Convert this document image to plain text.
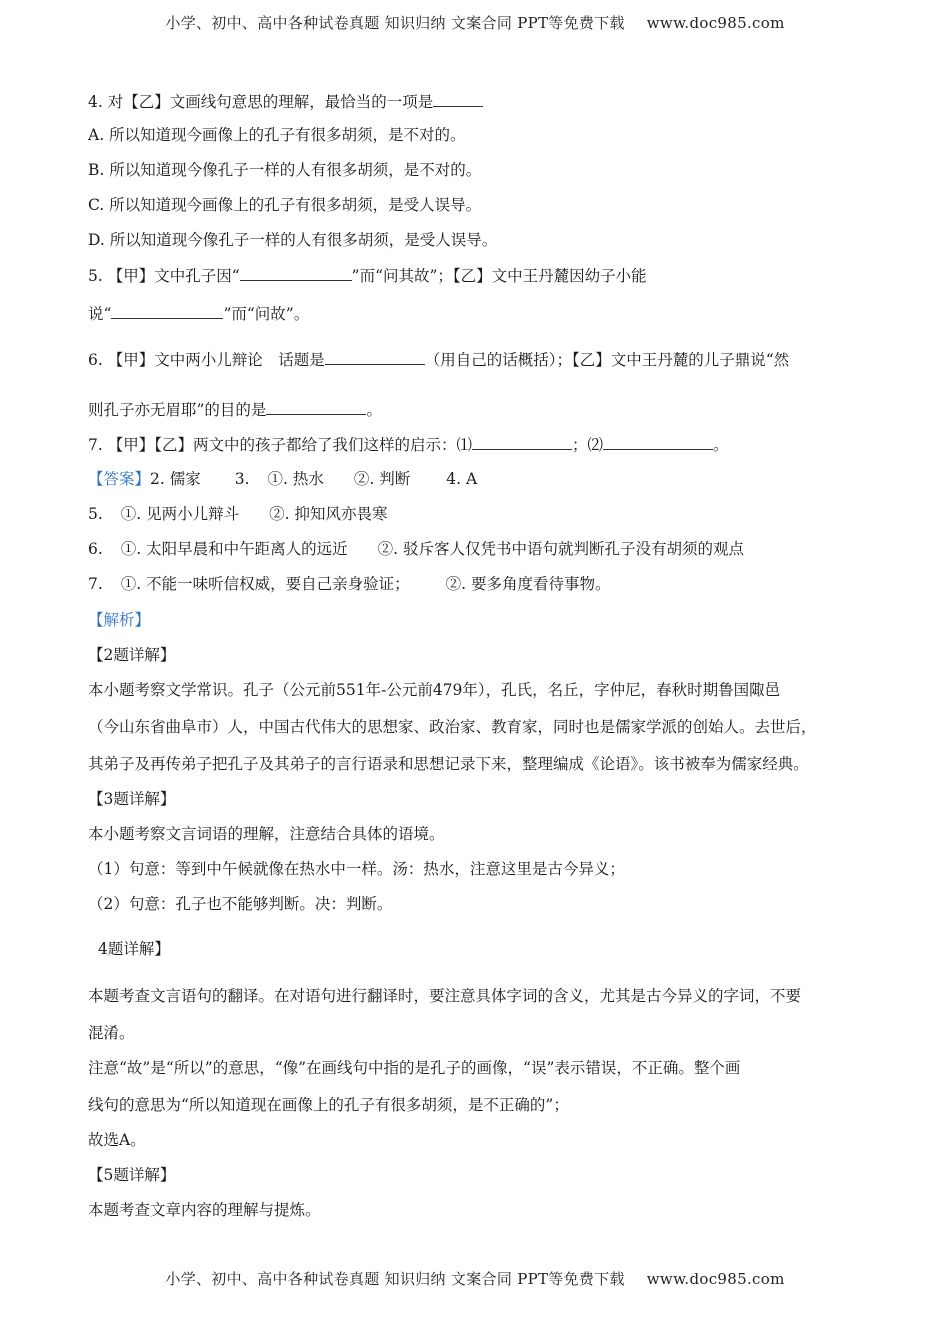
小学、初中、高中各种试卷真题 知识归纳 文案合同 PPT等免费下载 www.doc985.com
4. 对【乙】文画线句意思的理解，最恰当的一项是
A. 所以知道现今画像上的孔子有很多胡须，是不对的。
B. 所以知道现今像孔子一样的人有很多胡须，是不对的。
C. 所以知道现今画像上的孔子有很多胡须，是受人误导。
D. 所以知道现今像孔子一样的人有很多胡须，是受人误导。
5. 【甲】文中孔子因“	”而“问其故”；【乙】文中王丹麓因幼子小能
说“	”而“问故”。
6. 【甲】文中两小儿辩论　话题是	（用自己的话概括）；【乙】文中王丹麓的儿子鼎说“然
则孔子亦无眉耶”的目的是	。
7. 【甲】【乙】两文中的孩子都给了我们这样的启示：⑴	；⑵	。
【答案】2. 儒家 3. ①. 热水 ②. 判断 4. A
5. ①. 见两小儿辩斗 ②. 抑知风亦畏寒
6. ①. 太阳早晨和中午距离人的远近 ②. 驳斥客人仅凭书中语句就判断孔子没有胡须的观点
7. ①. 不能一味听信权威，要自己亲身验证； ②. 要多角度看待事物。
【解析】
【2题详解】
本小题考察文学常识。孔子（公元前551年-公元前479年），孔氏，名丘，字仲尼，春秋时期鲁国陬邑
（今山东省曲阜市）人，中国古代伟大的思想家、政治家、教育家，同时也是儒家学派的创始人。去世后，
其弟子及再传弟子把孔子及其弟子的言行语录和思想记录下来，整理编成《论语》。该书被奉为儒家经典。
【3题详解】
本小题考察文言词语的理解，注意结合具体的语境。
（1）句意：等到中午候就像在热水中一样。汤：热水，注意这里是古今异义；
（2）句意：孔子也不能够判断。决：判断。
4题详解】
本题考查文言语句的翻译。在对语句进行翻译时，要注意具体字词的含义，尤其是古今异义的字词，不要
混淆。
注意“故”是“所以”的意思，“像”在画线句中指的是孔子的画像，“误”表示错误，不正确。整个画
线句的意思为“所以知道现在画像上的孔子有很多胡须，是不正确的”；
故选A。
【5题详解】
本题考查文章内容的理解与提炼。
小学、初中、高中各种试卷真题 知识归纳 文案合同 PPT等免费下载 www.doc985.com
